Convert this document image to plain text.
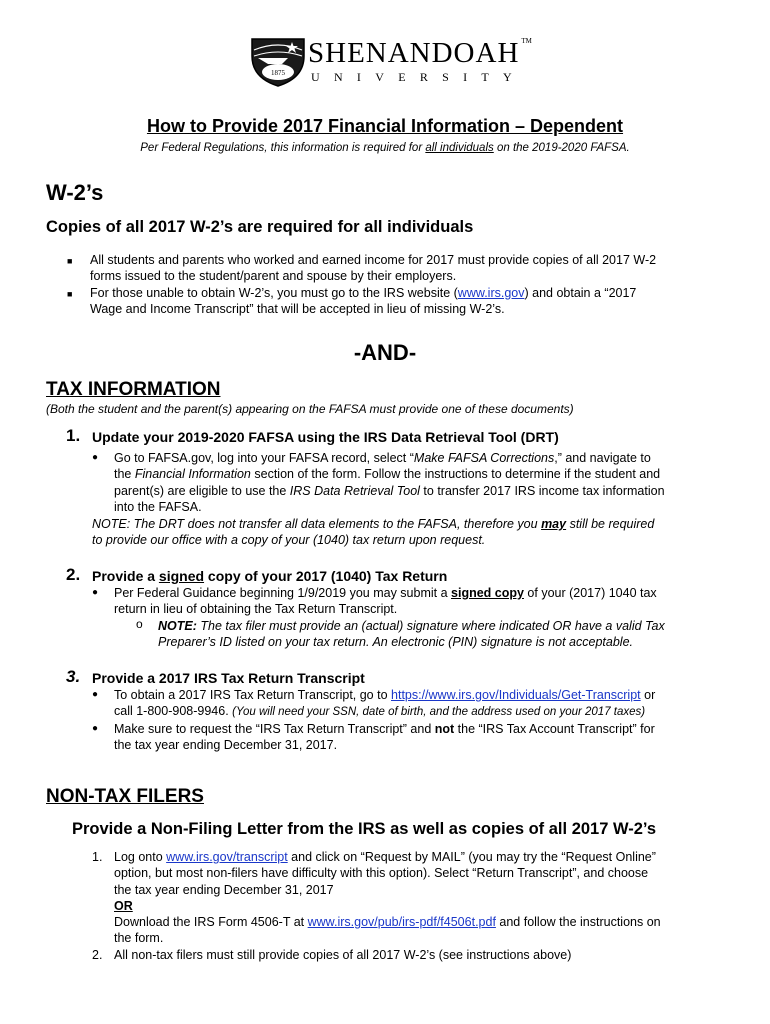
1875
SHENANDOAH ™
UNIVERSITY
How to Provide 2017 Financial Information – Dependent
Per Federal Regulations, this information is required for all individuals on the 2019-2020 FAFSA.
W-2’s
Copies of all 2017 W-2’s are required for all individuals
■ All students and parents who worked and earned income for 2017 must provide copies of all 2017 W-2
forms issued to the student/parent and spouse by their employers.
■ For those unable to obtain W-2’s, you must go to the IRS website (www.irs.gov) and obtain a “2017
Wage and Income Transcript” that will be accepted in lieu of missing W-2’s.
-AND-
TAX INFORMATION
(Both the student and the parent(s) appearing on the FAFSA must provide one of these documents)
1. Update your 2019-2020 FAFSA using the IRS Data Retrieval Tool (DRT)
● Go to FAFSA.gov, log into your FAFSA record, select “Make FAFSA Corrections,” and navigate to
the Financial Information section of the form. Follow the instructions to determine if the student and
parent(s) are eligible to use the IRS Data Retrieval Tool to transfer 2017 IRS income tax information
into the FAFSA.
NOTE: The DRT does not transfer all data elements to the FAFSA, therefore you may still be required
to provide our office with a copy of your (1040) tax return upon request.
2. Provide a signed copy of your 2017 (1040) Tax Return
● Per Federal Guidance beginning 1/9/2019 you may submit a signed copy of your (2017) 1040 tax
return in lieu of obtaining the Tax Return Transcript.
o NOTE: The tax filer must provide an (actual) signature where indicated OR have a valid Tax
Preparer’s ID listed on your tax return. An electronic (PIN) signature is not acceptable.
3. Provide a 2017 IRS Tax Return Transcript
● To obtain a 2017 IRS Tax Return Transcript, go to https://www.irs.gov/Individuals/Get-Transcript or
call 1-800-908-9946. (You will need your SSN, date of birth, and the address used on your 2017 taxes)
● Make sure to request the “IRS Tax Return Transcript” and not the “IRS Tax Account Transcript” for
the tax year ending December 31, 2017.
NON-TAX FILERS
Provide a Non-Filing Letter from the IRS as well as copies of all 2017 W-2’s
1. Log onto www.irs.gov/transcript and click on “Request by MAIL” (you may try the “Request Online”
option, but most non-filers have difficulty with this option). Select “Return Transcript”, and choose
the tax year ending December 31, 2017
OR
Download the IRS Form 4506-T at www.irs.gov/pub/irs-pdf/f4506t.pdf and follow the instructions on
the form.
2. All non-tax filers must still provide copies of all 2017 W-2’s (see instructions above)
